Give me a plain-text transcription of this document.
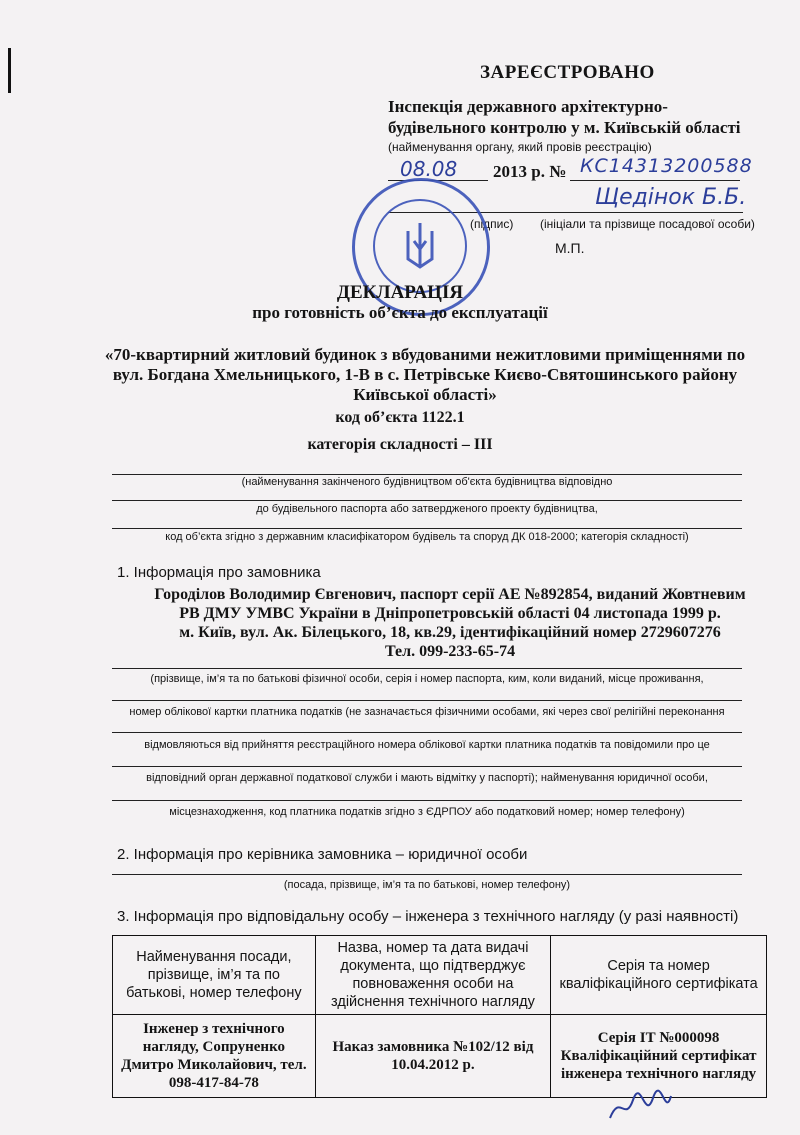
ЗАРЕЄСТРОВАНО
Інспекція державного архітектурно-
будівельного контролю у м. Київській області
(найменування органу, який провів реєстрацію)
08.08 2013 р. № КС14313200588
Щедінок Б.Б.
(підпис) (ініціали та прізвище посадової особи)
М.П.
ДЕКЛАРАЦІЯ
про готовність об’єкта до експлуатації
«70-квартирний житловий будинок з вбудованими нежитловими приміщеннями по
вул. Богдана Хмельницького, 1-В в с. Петрівське Києво-Святошинського району
Київської області»
код об’єкта 1122.1
категорія складності – ІІІ
(найменування закінченого будівництвом об'єкта будівництва відповідно
до будівельного паспорта або затвердженого проекту будівництва,
код об’єкта згідно з державним класифікатором будівель та споруд ДК 018-2000; категорія складності)
1. Інформація про замовника
Городілов Володимир Євгенович, паспорт серії АЕ №892854, виданий Жовтневим
РВ ДМУ УМВС України в Дніпропетровській області 04 листопада 1999 р.
м. Київ, вул. Ак. Білецького, 18, кв.29, ідентифікаційний номер 2729607276
Тел. 099-233-65-74
(прізвище, ім’я та по батькові фізичної особи, серія і номер паспорта, ким, коли виданий, місце проживання,
номер облікової картки платника податків (не зазначається фізичними особами, які через свої релігійні переконання
відмовляються від прийняття реєстраційного номера облікової картки платника податків та повідомили про це
відповідний орган державної податкової служби і мають відмітку у паспорті); найменування юридичної особи,
місцезнаходження, код платника податків згідно з ЄДРПОУ або податковий номер; номер телефону)
2. Інформація про керівника замовника – юридичної особи
(посада, прізвище, ім’я та по батькові, номер телефону)
3. Інформація про відповідальну особу – інженера з технічного нагляду (у разі наявності)
Найменування посади, прізвище, ім’я та по батькові, номер телефону	Назва, номер та дата видачі документа, що підтверджує повноваження особи на здійснення технічного нагляду	Серія та номер кваліфікаційного сертифіката
Інженер з технічного нагляду, Сопруненко Дмитро Миколайович, тел. 098-417-84-78	Наказ замовника №102/12 від 10.04.2012 р.	Серія ІТ №000098 Кваліфікаційний сертифікат інженера технічного нагляду
